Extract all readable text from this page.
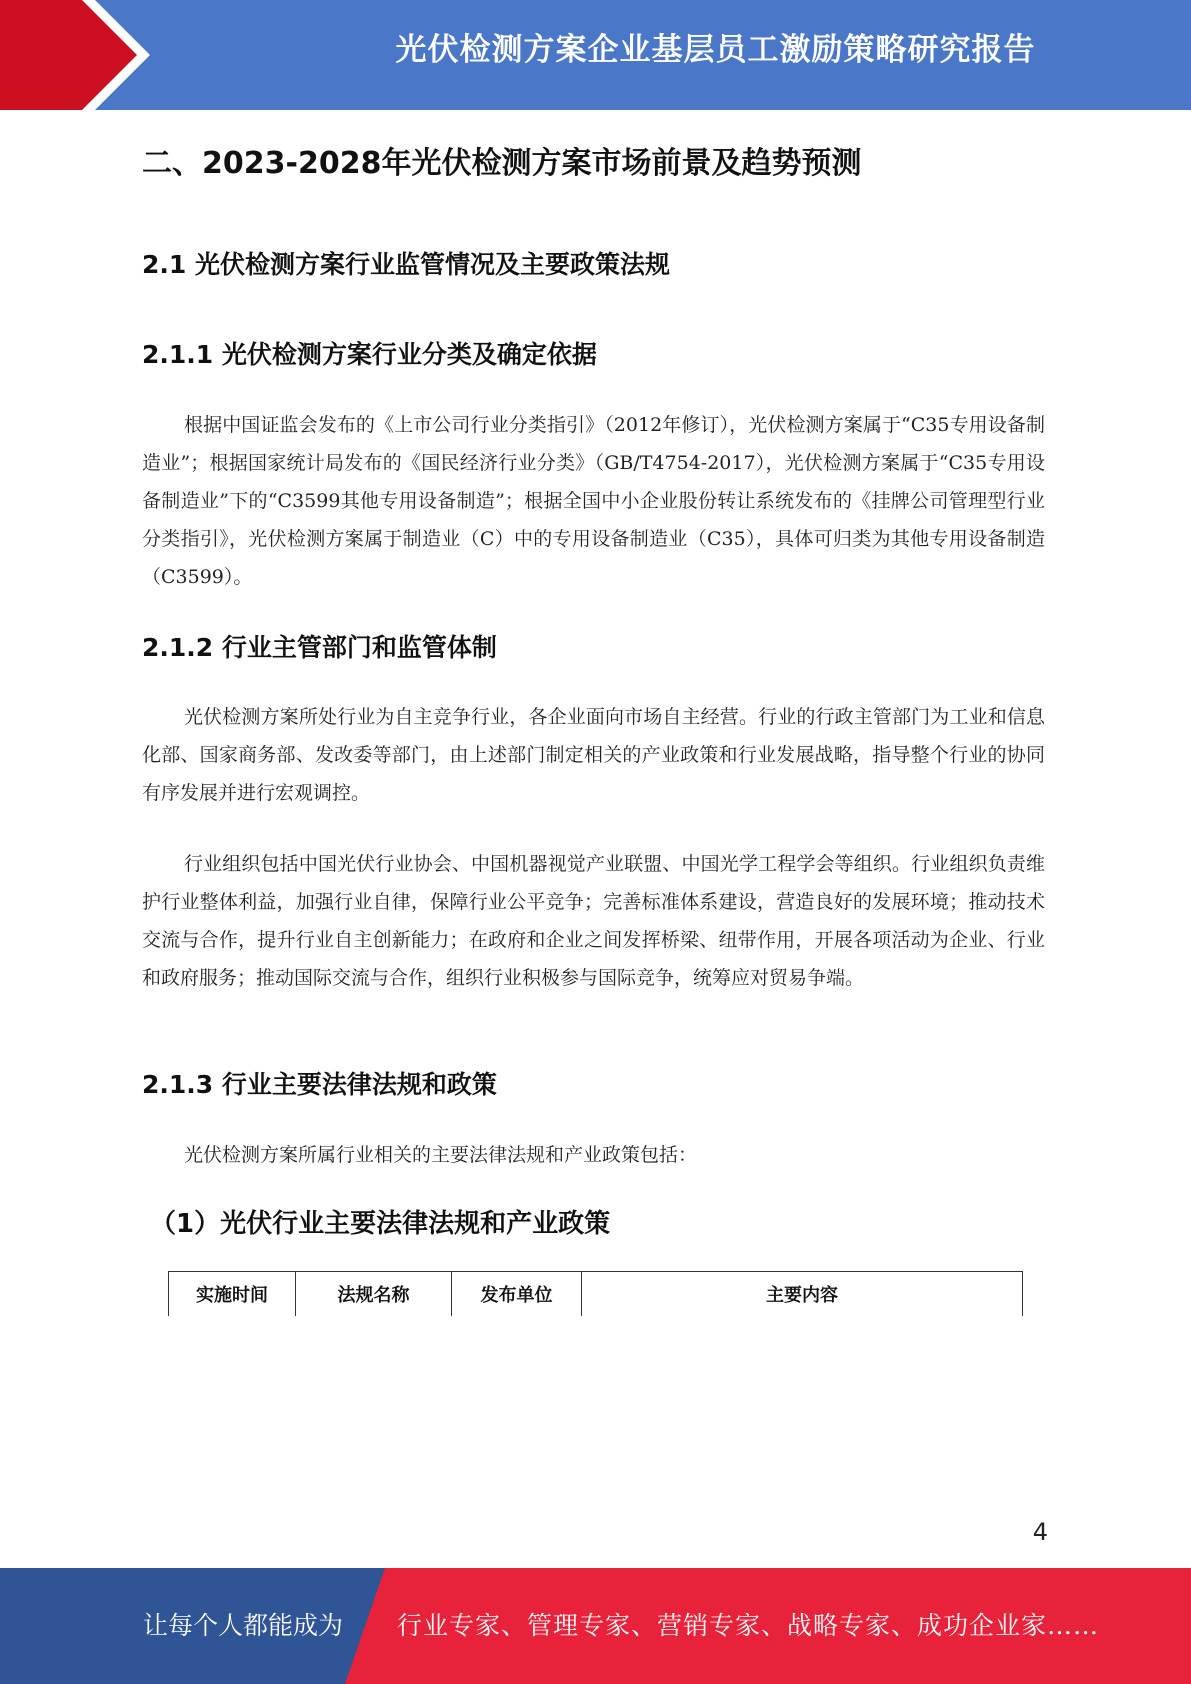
光伏检测方案企业基层员工激励策略研究报告
二、2023-2028年光伏检测方案市场前景及趋势预测
2.1 光伏检测方案行业监管情况及主要政策法规
2.1.1 光伏检测方案行业分类及确定依据

根据中国证监会发布的《上市公司行业分类指引》（2012年修订），光伏检测方案属于“C35专用设备制造业”；根据国家统计局发布的《国民经济行业分类》（GB/T4754-2017），光伏检测方案属于“C35专用设备制造业”下的“C3599其他专用设备制造”；根据全国中小企业股份转让系统发布的《挂牌公司管理型行业分类指引》，光伏检测方案属于制造业（C）中的专用设备制造业（C35），具体可归类为其他专用设备制造（C3599）。

2.1.2 行业主管部门和监管体制

光伏检测方案所处行业为自主竞争行业，各企业面向市场自主经营。行业的行政主管部门为工业和信息化部、国家商务部、发改委等部门，由上述部门制定相关的产业政策和行业发展战略，指导整个行业的协同有序发展并进行宏观调控。

行业组织包括中国光伏行业协会、中国机器视觉产业联盟、中国光学工程学会等组织。行业组织负责维护行业整体利益，加强行业自律，保障行业公平竞争；完善标准体系建设，营造良好的发展环境；推动技术交流与合作，提升行业自主创新能力；在政府和企业之间发挥桥梁、纽带作用，开展各项活动为企业、行业和政府服务；推动国际交流与合作，组织行业积极参与国际竞争，统筹应对贸易争端。

2.1.3 行业主要法律法规和政策

光伏检测方案所属行业相关的主要法律法规和产业政策包括：

（1）光伏行业主要法律法规和产业政策
实施时间	法规名称	发布单位	主要内容
4
让每个人都能成为 行业专家、管理专家、营销专家、战略专家、成功企业家……
